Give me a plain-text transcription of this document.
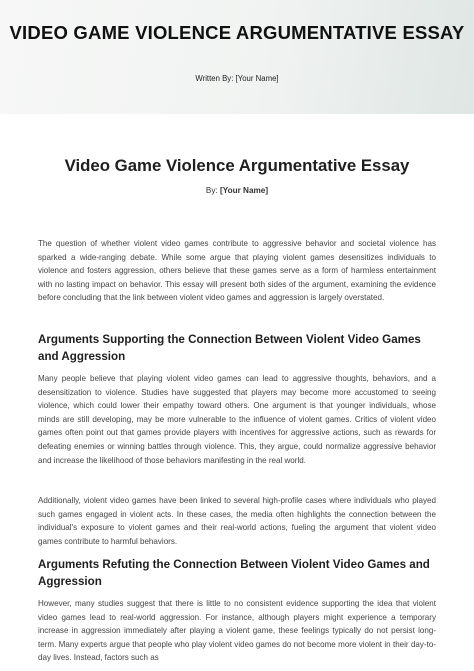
VIDEO GAME VIOLENCE ARGUMENTATIVE ESSAY
Written By: [Your Name]
Video Game Violence Argumentative Essay
By: [Your Name]

The question of whether violent video games contribute to aggressive behavior and societal violence has sparked a wide-ranging debate. While some argue that playing violent games desensitizes individuals to violence and fosters aggression, others believe that these games serve as a form of harmless entertainment with no lasting impact on behavior. This essay will present both sides of the argument, examining the evidence before concluding that the link between violent video games and aggression is largely overstated.

Arguments Supporting the Connection Between Violent Video Games and Aggression

Many people believe that playing violent video games can lead to aggressive thoughts, behaviors, and a desensitization to violence. Studies have suggested that players may become more accustomed to seeing violence, which could lower their empathy toward others. One argument is that younger individuals, whose minds are still developing, may be more vulnerable to the influence of violent games. Critics of violent video games often point out that games provide players with incentives for aggressive actions, such as rewards for defeating enemies or winning battles through violence. This, they argue, could normalize aggressive behavior and increase the likelihood of those behaviors manifesting in the real world.

Additionally, violent video games have been linked to several high-profile cases where individuals who played such games engaged in violent acts. In these cases, the media often highlights the connection between the individual's exposure to violent games and their real-world actions, fueling the argument that violent video games contribute to harmful behaviors.

Arguments Refuting the Connection Between Violent Video Games and Aggression

However, many studies suggest that there is little to no consistent evidence supporting the idea that violent video games lead to real-world aggression. For instance, although players might experience a temporary increase in aggression immediately after playing a violent game, these feelings typically do not persist long-term. Many experts argue that people who play violent video games do not become more violent in their day-to-day lives. Instead, factors such as
